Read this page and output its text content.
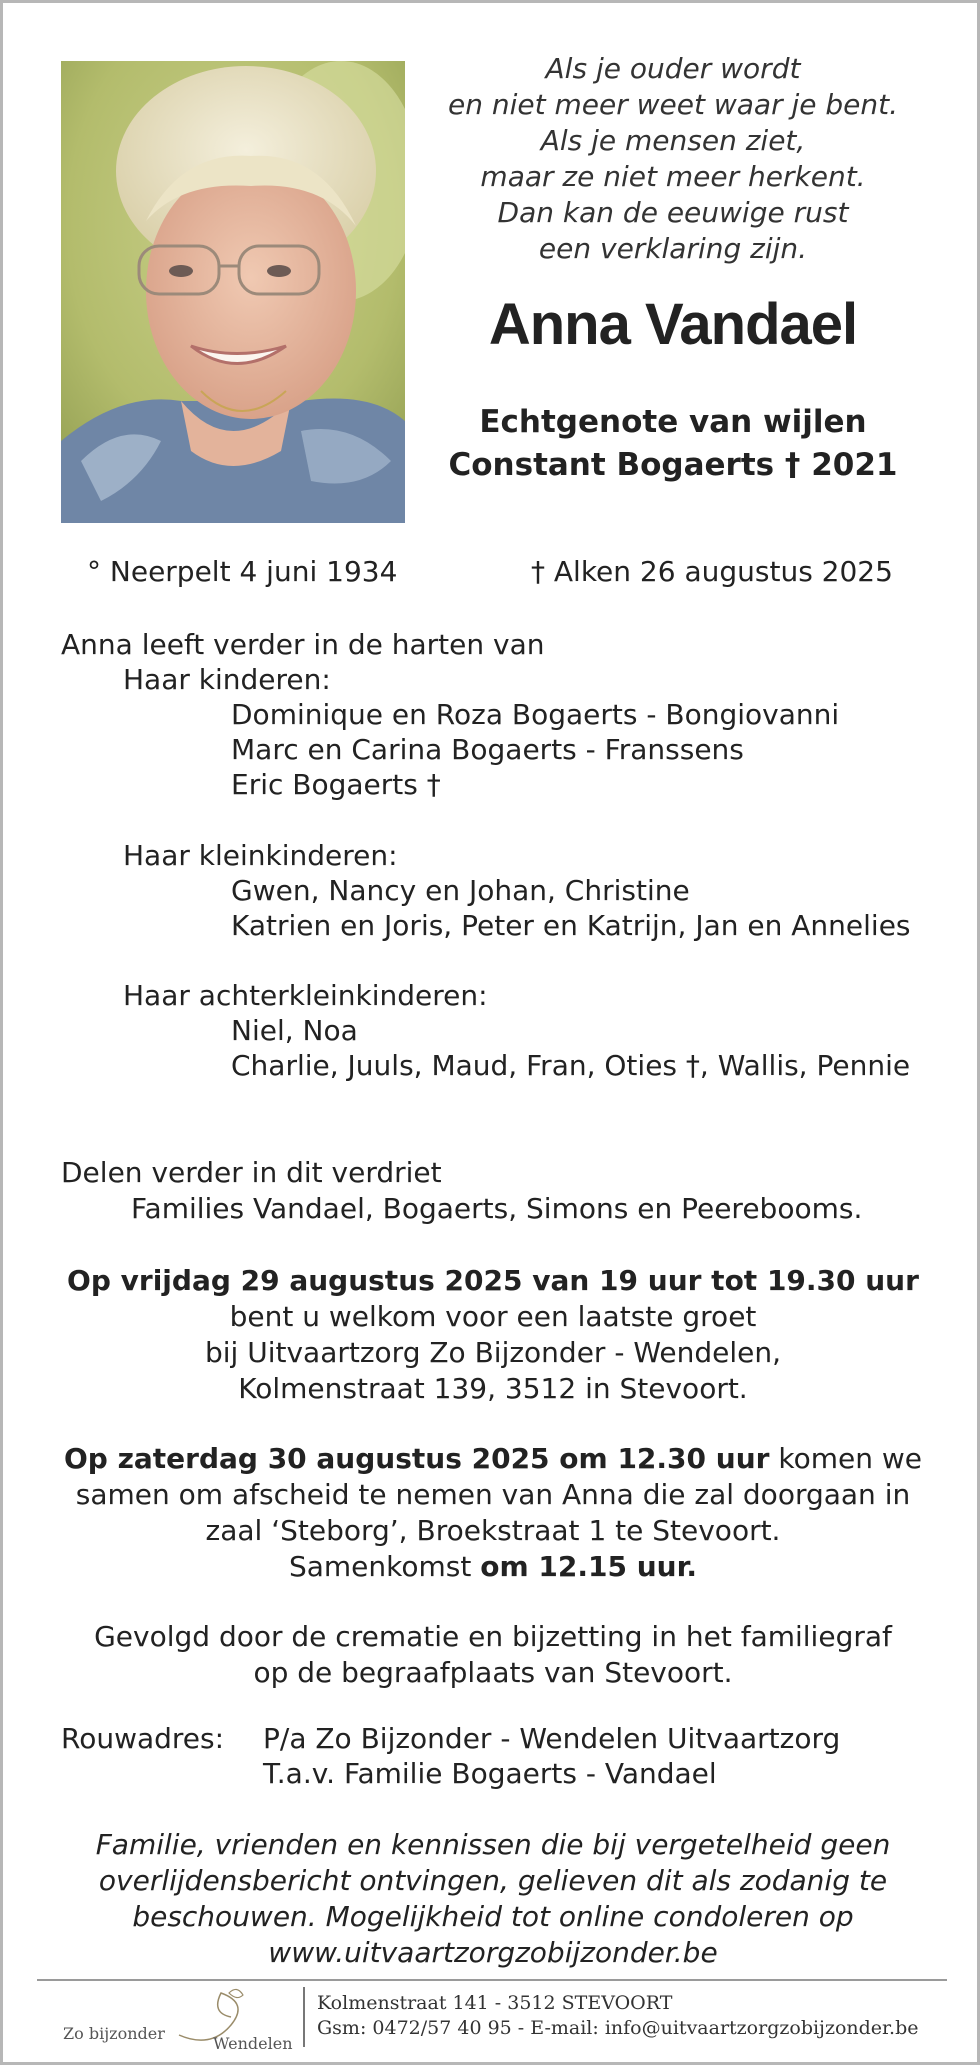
Als je ouder wordt
en niet meer weet waar je bent.
Als je mensen ziet,
maar ze niet meer herkent.
Dan kan de eeuwige rust
een verklaring zijn.
Anna Vandael
Echtgenote van wijlen
Constant Bogaerts † 2021
° Neerpelt 4 juni 1934	† Alken 26 augustus 2025
Anna leeft verder in de harten van
Haar kinderen:
Dominique en Roza Bogaerts - Bongiovanni
Marc en Carina Bogaerts - Franssens
Eric Bogaerts †
Haar kleinkinderen:
Gwen, Nancy en Johan, Christine
Katrien en Joris, Peter en Katrijn, Jan en Annelies
Haar achterkleinkinderen:
Niel, Noa
Charlie, Juuls, Maud, Fran, Oties †, Wallis, Pennie
Delen verder in dit verdriet
Families Vandael, Bogaerts, Simons en Peerebooms.
Op vrijdag 29 augustus 2025 van 19 uur tot 19.30 uur
bent u welkom voor een laatste groet
bij Uitvaartzorg Zo Bijzonder - Wendelen,
Kolmenstraat 139, 3512 in Stevoort.
Op zaterdag 30 augustus 2025 om 12.30 uur komen we
samen om afscheid te nemen van Anna die zal doorgaan in
zaal ‘Steborg’, Broekstraat 1 te Stevoort.
Samenkomst om 12.15 uur.
Gevolgd door de crematie en bijzetting in het familiegraf
op de begraafplaats van Stevoort.
Rouwadres: P/a Zo Bijzonder - Wendelen Uitvaartzorg
T.a.v. Familie Bogaerts - Vandael
Familie, vrienden en kennissen die bij vergetelheid geen
overlijdensbericht ontvingen, gelieven dit als zodanig te
beschouwen. Mogelijkheid tot online condoleren op
www.uitvaartzorgzobijzonder.be
Zo bijzonder
Wendelen
Kolmenstraat 141 - 3512 STEVOORT
Gsm: 0472/57 40 95 - E-mail: info@uitvaartzorgzobijzonder.be
